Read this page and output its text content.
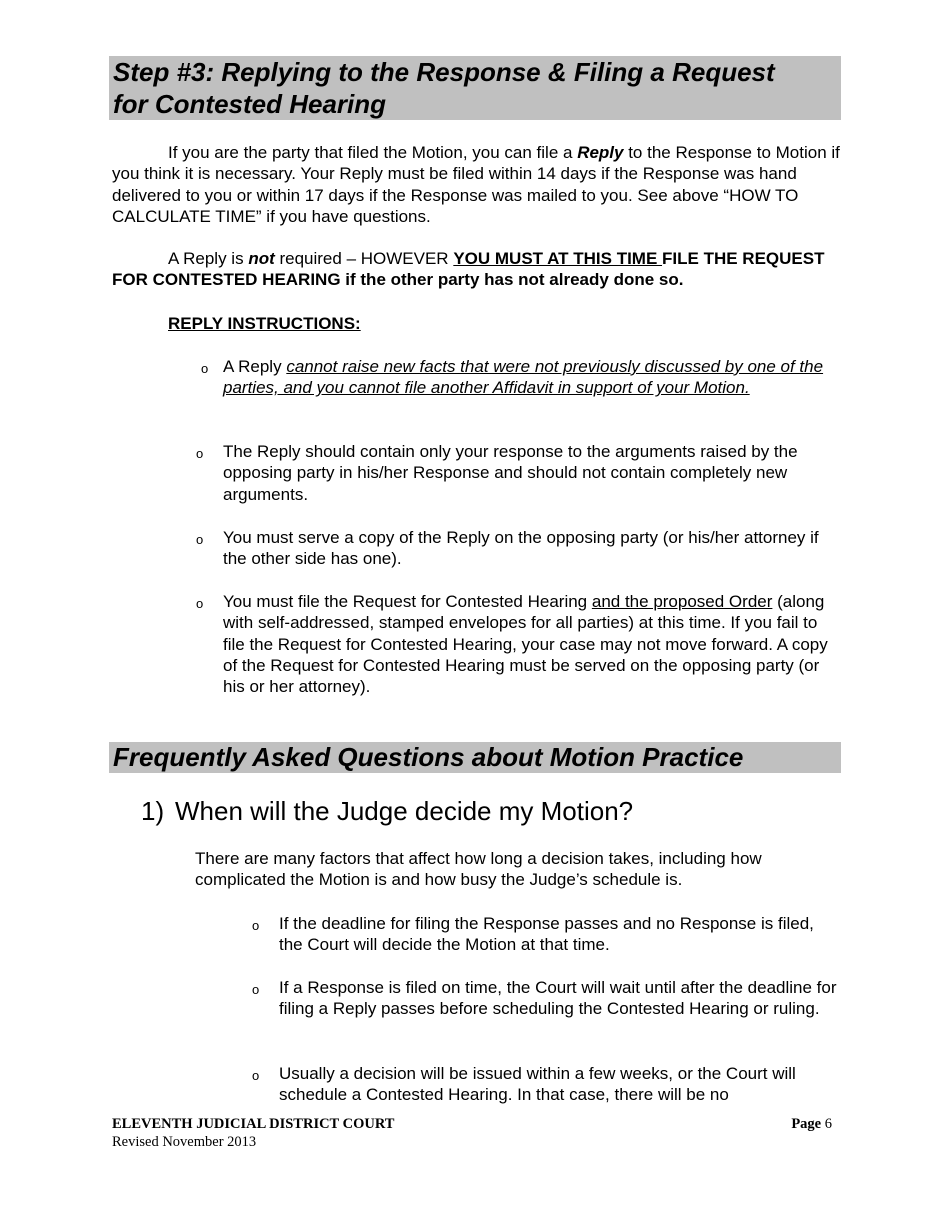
Step #3: Replying to the Response & Filing a Request
for Contested Hearing
If you are the party that filed the Motion, you can file a Reply to the Response to Motion if you think it is necessary. Your Reply must be filed within 14 days if the Response was hand delivered to you or within 17 days if the Response was mailed to you. See above “HOW TO CALCULATE TIME” if you have questions.
A Reply is not required – HOWEVER YOU MUST AT THIS TIME FILE THE REQUEST FOR CONTESTED HEARING if the other party has not already done so.
REPLY INSTRUCTIONS:
o A Reply cannot raise new facts that were not previously discussed by one of the parties, and you cannot file another Affidavit in support of your Motion.
o The Reply should contain only your response to the arguments raised by the opposing party in his/her Response and should not contain completely new arguments.
o You must serve a copy of the Reply on the opposing party (or his/her attorney if the other side has one).
o You must file the Request for Contested Hearing and the proposed Order (along with self-addressed, stamped envelopes for all parties) at this time. If you fail to file the Request for Contested Hearing, your case may not move forward. A copy of the Request for Contested Hearing must be served on the opposing party (or his or her attorney).
Frequently Asked Questions about Motion Practice
1) When will the Judge decide my Motion?
There are many factors that affect how long a decision takes, including how complicated the Motion is and how busy the Judge’s schedule is.
o If the deadline for filing the Response passes and no Response is filed, the Court will decide the Motion at that time.
o If a Response is filed on time, the Court will wait until after the deadline for filing a Reply passes before scheduling the Contested Hearing or ruling.
o Usually a decision will be issued within a few weeks, or the Court will schedule a Contested Hearing. In that case, there will be no
ELEVENTH JUDICIAL DISTRICT COURT
Revised November 2013
Page 6
